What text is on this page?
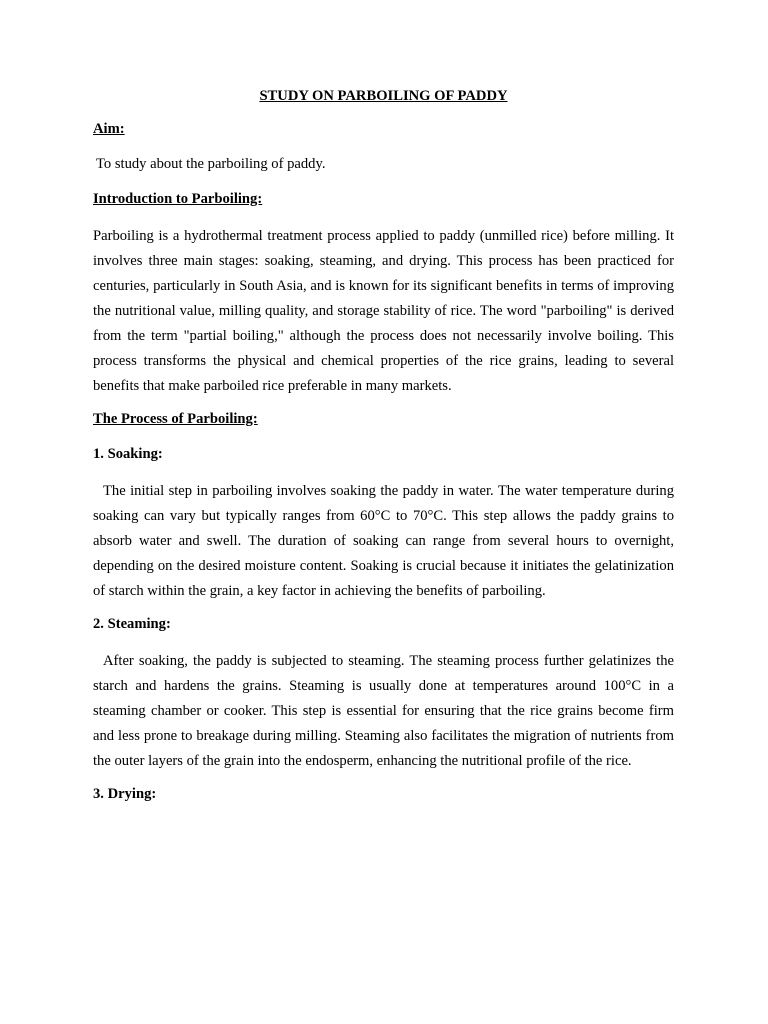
STUDY ON PARBOILING OF PADDY
Aim:
To study about the parboiling of paddy.
Introduction to Parboiling:

Parboiling is a hydrothermal treatment process applied to paddy (unmilled rice) before milling. It involves three main stages: soaking, steaming, and drying. This process has been practiced for centuries, particularly in South Asia, and is known for its significant benefits in terms of improving the nutritional value, milling quality, and storage stability of rice. The word "parboiling" is derived from the term "partial boiling," although the process does not necessarily involve boiling. This process transforms the physical and chemical properties of the rice grains, leading to several benefits that make parboiled rice preferable in many markets.

The Process of Parboiling:
1. Soaking:

The initial step in parboiling involves soaking the paddy in water. The water temperature during soaking can vary but typically ranges from 60°C to 70°C. This step allows the paddy grains to absorb water and swell. The duration of soaking can range from several hours to overnight, depending on the desired moisture content. Soaking is crucial because it initiates the gelatinization of starch within the grain, a key factor in achieving the benefits of parboiling.

2. Steaming:

After soaking, the paddy is subjected to steaming. The steaming process further gelatinizes the starch and hardens the grains. Steaming is usually done at temperatures around 100°C in a steaming chamber or cooker. This step is essential for ensuring that the rice grains become firm and less prone to breakage during milling. Steaming also facilitates the migration of nutrients from the outer layers of the grain into the endosperm, enhancing the nutritional profile of the rice.

3. Drying:
